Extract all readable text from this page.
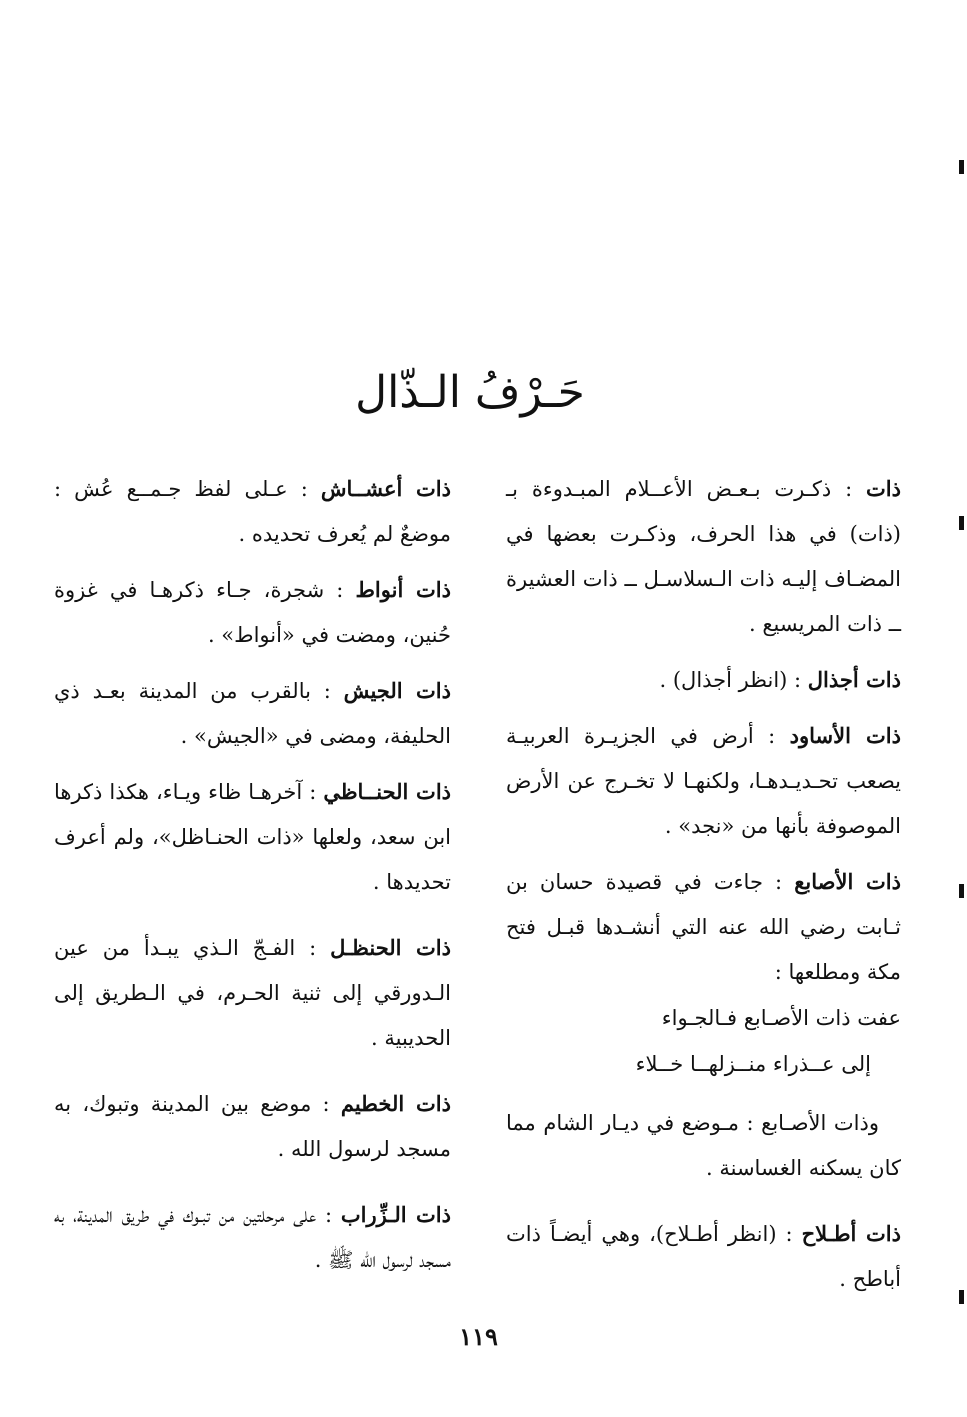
حَـرْفُ الـذّال

ذات : ذكـرت بـعـض الأعــلام المبـدوءة بـ (ذات) في هذا الحرف، وذكـرت بعضها في المضـاف إليـه ذات الـسلاسـل ــ ذات العشيرة ــ ذات المريسيع .

ذات أجذال : (انظر أجذال) .

ذات الأساود : أرض في الجزيـرة العربيـة يصعب تحـديـدهـا، ولكنهـا لا تخـرج عن الأرض الموصوفة بأنها من «نجد» .

ذات الأصابع : جاءت في قصيدة حسان بن ثـابت رضي الله عنه التي أنشـدها قبـل فتح مكة ومطلعها :
عفت ذات الأصـابع فـالجـواء
إلى عــذراء منــزلهــا خــلاء
وذات الأصـابع : مـوضع في ديـار الشام مما كان يسكنه الغساسنة .

ذات أطـلاح : (انظر أطـلاح)، وهي أيضـاً ذات أباطح .

ذات أعشــاش : عـلى لفظ جـمــع عُش : موضعٌ لم يُعرف تحديده .

ذات أنواط : شجرة، جـاء ذكرهـا في غزوة حُنين، ومضت في «أنواط» .

ذات الجيش : بالقرب من المدينة بعـد ذي الحليفة، ومضى في «الجيش» .

ذات الحنــاظي : آخرهـا ظاء ويـاء، هكذا ذكرها ابن سعد، ولعلها «ذات الحنـاظل»، ولم أعرف تحديدها .

ذات الحنظـل : الفـجّ الـذي يبـدأ من عين الـدورقي إلى ثنية الحـرم، في الـطريق إلى الحديبية .

ذات الخطيم : موضع بين المدينة وتبوك، به مسجد لرسول الله .

ذات الـزِّراب : على مرحلتين من تبـوك في طريق المدينة، به مسجد لرسول الله ﷺ .

١١٩
